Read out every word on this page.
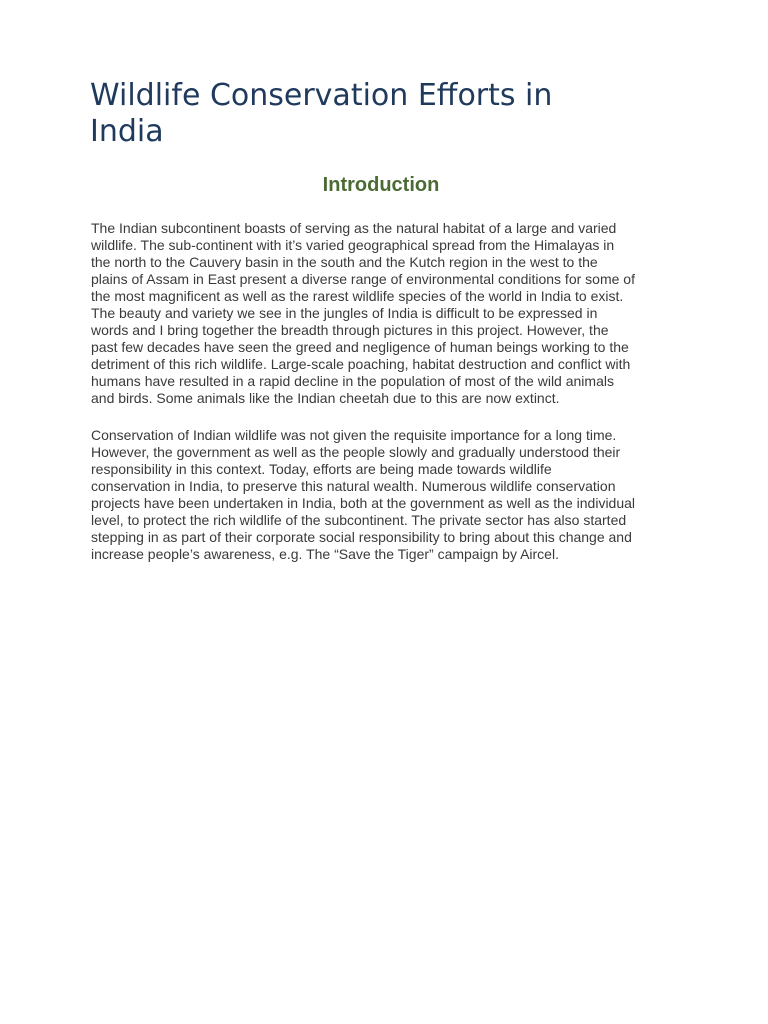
Wildlife Conservation Efforts in
India
Introduction
The Indian subcontinent boasts of serving as the natural habitat of a large and varied
wildlife. The sub-continent with it’s varied geographical spread from the Himalayas in
the north to the Cauvery basin in the south and the Kutch region in the west to the
plains of Assam in East present a diverse range of environmental conditions for some of
the most magnificent as well as the rarest wildlife species of the world in India to exist.
The beauty and variety we see in the jungles of India is difficult to be expressed in
words and I bring together the breadth through pictures in this project. However, the
past few decades have seen the greed and negligence of human beings working to the
detriment of this rich wildlife. Large-scale poaching, habitat destruction and conflict with
humans have resulted in a rapid decline in the population of most of the wild animals
and birds. Some animals like the Indian cheetah due to this are now extinct.
Conservation of Indian wildlife was not given the requisite importance for a long time.
However, the government as well as the people slowly and gradually understood their
responsibility in this context. Today, efforts are being made towards wildlife
conservation in India, to preserve this natural wealth. Numerous wildlife conservation
projects have been undertaken in India, both at the government as well as the individual
level, to protect the rich wildlife of the subcontinent. The private sector has also started
stepping in as part of their corporate social responsibility to bring about this change and
increase people’s awareness, e.g. The “Save the Tiger” campaign by Aircel.
